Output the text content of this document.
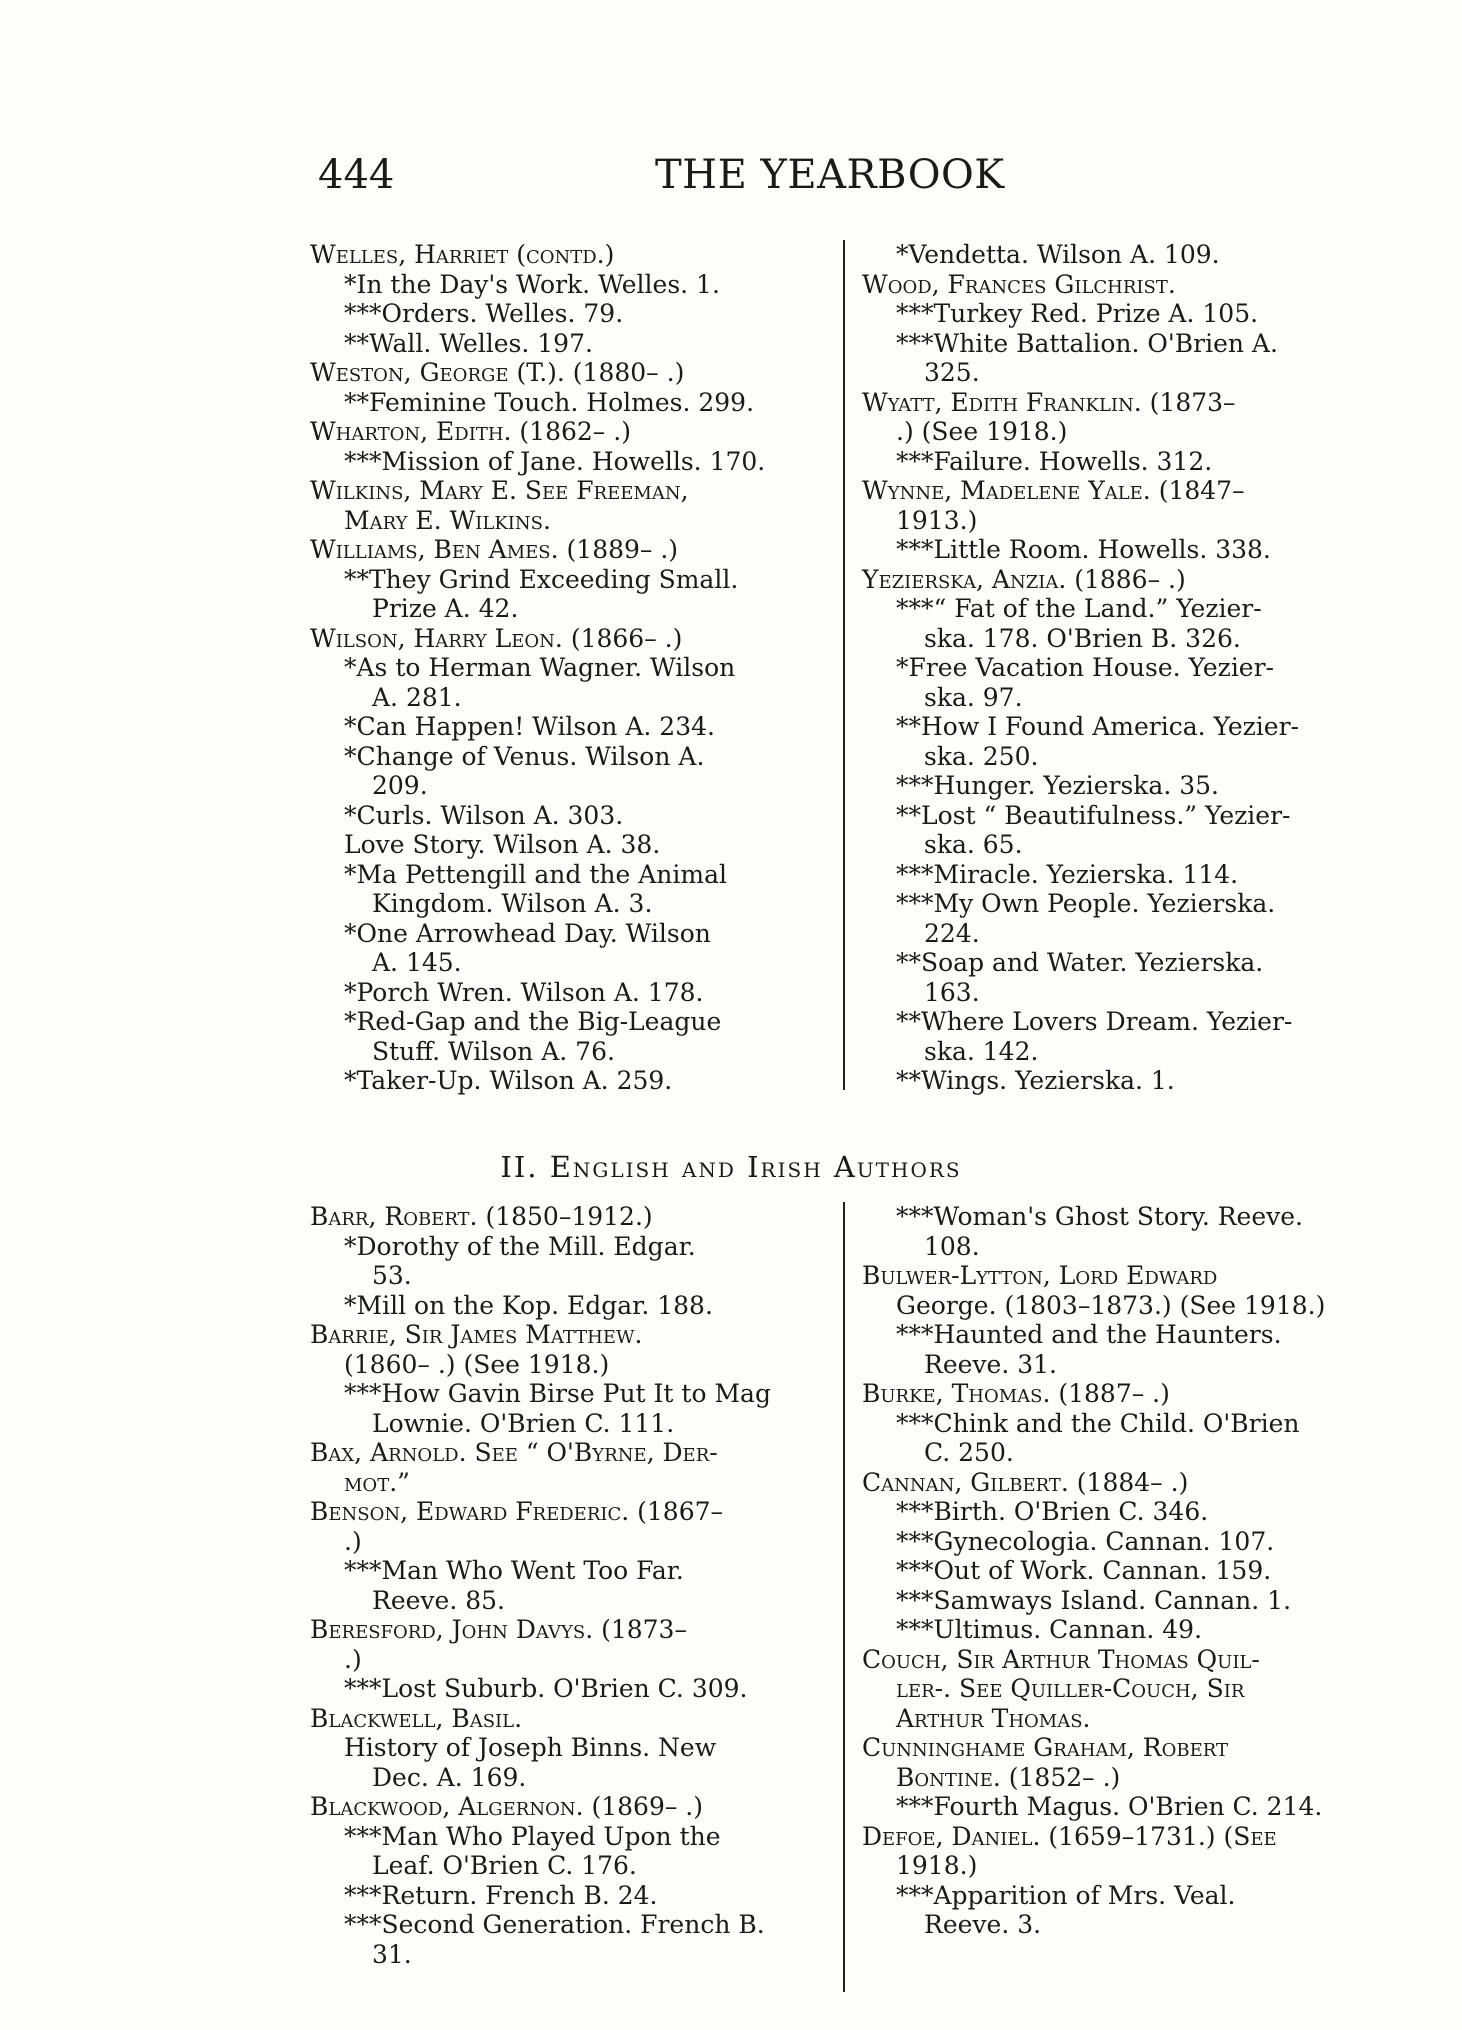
444	THE YEARBOOK
Welles, Harriet (contd.)
*In the Day's Work. Welles. 1.
***Orders. Welles. 79.
**Wall. Welles. 197.
Weston, George (T.). (1880– .)
**Feminine Touch. Holmes. 299.
Wharton, Edith. (1862– .)
***Mission of Jane. Howells. 170.
Wilkins, Mary E. See Freeman,
Mary E. Wilkins.
Williams, Ben Ames. (1889– .)
**They Grind Exceeding Small.
Prize A. 42.
Wilson, Harry Leon. (1866– .)
*As to Herman Wagner. Wilson
A. 281.
*Can Happen! Wilson A. 234.
*Change of Venus. Wilson A.
209.
*Curls. Wilson A. 303.
Love Story. Wilson A. 38.
*Ma Pettengill and the Animal
Kingdom. Wilson A. 3.
*One Arrowhead Day. Wilson
A. 145.
*Porch Wren. Wilson A. 178.
*Red-Gap and the Big-League
Stuff. Wilson A. 76.
*Taker-Up. Wilson A. 259.
*Vendetta. Wilson A. 109.
Wood, Frances Gilchrist.
***Turkey Red. Prize A. 105.
***White Battalion. O'Brien A.
325.
Wyatt, Edith Franklin. (1873–
.) (See 1918.)
***Failure. Howells. 312.
Wynne, Madelene Yale. (1847–
1913.)
***Little Room. Howells. 338.
Yezierska, Anzia. (1886– .)
***“ Fat of the Land.” Yezier-
ska. 178. O'Brien B. 326.
*Free Vacation House. Yezier-
ska. 97.
**How I Found America. Yezier-
ska. 250.
***Hunger. Yezierska. 35.
**Lost “ Beautifulness.” Yezier-
ska. 65.
***Miracle. Yezierska. 114.
***My Own People. Yezierska.
224.
**Soap and Water. Yezierska.
163.
**Where Lovers Dream. Yezier-
ska. 142.
**Wings. Yezierska. 1.
II. English and Irish Authors
Barr, Robert. (1850–1912.)
*Dorothy of the Mill. Edgar.
53.
*Mill on the Kop. Edgar. 188.
Barrie, Sir James Matthew.
(1860– .) (See 1918.)
***How Gavin Birse Put It to Mag
Lownie. O'Brien C. 111.
Bax, Arnold. See “ O'Byrne, Der-
mot.”
Benson, Edward Frederic. (1867–
.)
***Man Who Went Too Far.
Reeve. 85.
Beresford, John Davys. (1873–
.)
***Lost Suburb. O'Brien C. 309.
Blackwell, Basil.
History of Joseph Binns. New
Dec. A. 169.
Blackwood, Algernon. (1869– .)
***Man Who Played Upon the
Leaf. O'Brien C. 176.
***Return. French B. 24.
***Second Generation. French B.
31.
***Woman's Ghost Story. Reeve.
108.
Bulwer-Lytton, Lord Edward
George. (1803–1873.) (See 1918.)
***Haunted and the Haunters.
Reeve. 31.
Burke, Thomas. (1887– .)
***Chink and the Child. O'Brien
C. 250.
Cannan, Gilbert. (1884– .)
***Birth. O'Brien C. 346.
***Gynecologia. Cannan. 107.
***Out of Work. Cannan. 159.
***Samways Island. Cannan. 1.
***Ultimus. Cannan. 49.
Couch, Sir Arthur Thomas Quil-
ler-. See Quiller-Couch, Sir
Arthur Thomas.
Cunninghame Graham, Robert
Bontine. (1852– .)
***Fourth Magus. O'Brien C. 214.
Defoe, Daniel. (1659–1731.) (See
1918.)
***Apparition of Mrs. Veal.
Reeve. 3.
